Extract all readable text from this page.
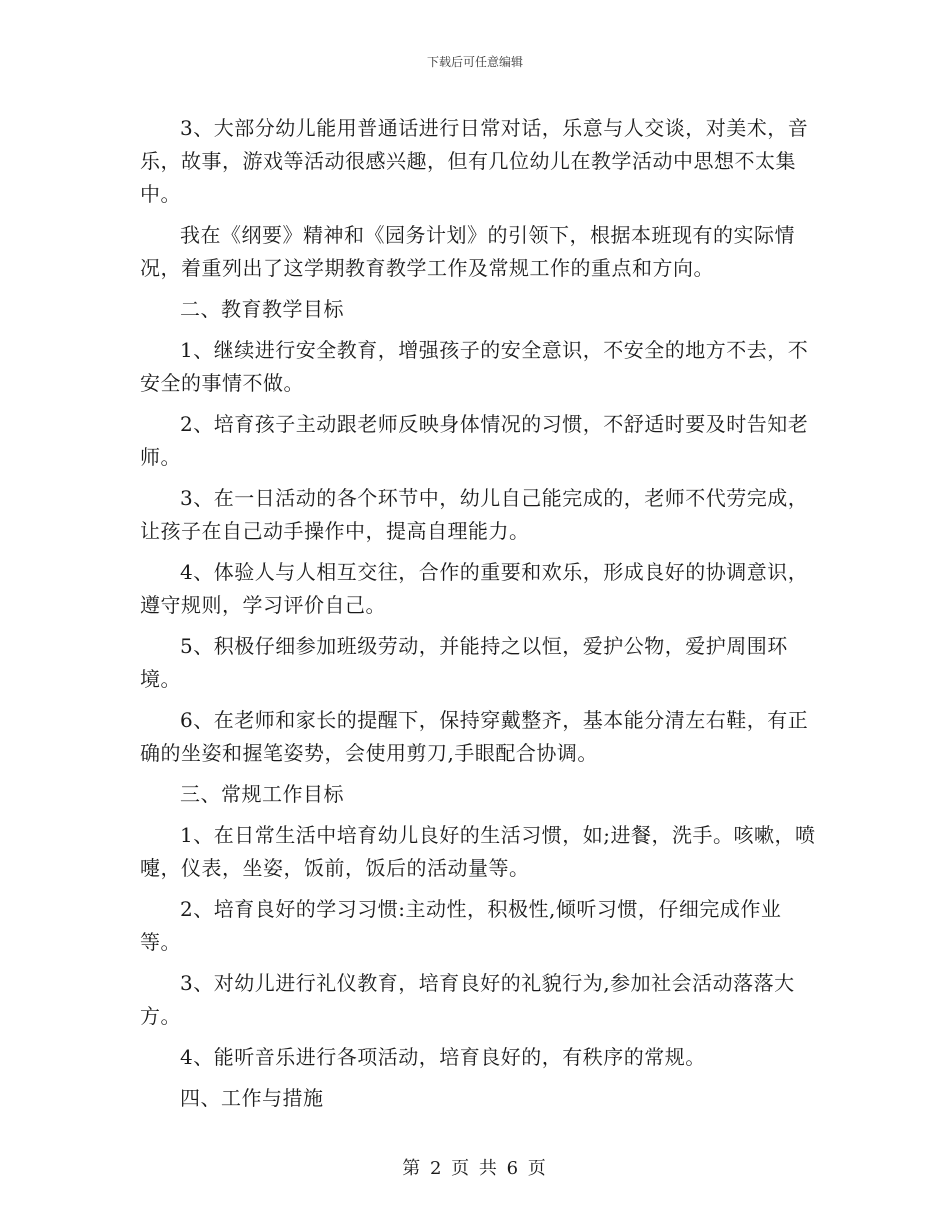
下载后可任意编辑

3、大部分幼儿能用普通话进行日常对话，乐意与人交谈，对美术，音乐，故事，游戏等活动很感兴趣，但有几位幼儿在教学活动中思想不太集中。

我在《纲要》精神和《园务计划》的引领下，根据本班现有的实际情况，着重列出了这学期教育教学工作及常规工作的重点和方向。

二、教育教学目标

1、继续进行安全教育，增强孩子的安全意识，不安全的地方不去，不安全的事情不做。

2、培育孩子主动跟老师反映身体情况的习惯，不舒适时要及时告知老师。

3、在一日活动的各个环节中，幼儿自己能完成的，老师不代劳完成，让孩子在自己动手操作中，提高自理能力。

4、体验人与人相互交往，合作的重要和欢乐，形成良好的协调意识，遵守规则，学习评价自己。

5、积极仔细参加班级劳动，并能持之以恒，爱护公物，爱护周围环境。

6、在老师和家长的提醒下，保持穿戴整齐，基本能分清左右鞋，有正确的坐姿和握笔姿势，会使用剪刀,手眼配合协调。

三、常规工作目标

1、在日常生活中培育幼儿良好的生活习惯，如;进餐，洗手。咳嗽，喷嚏，仪表，坐姿，饭前，饭后的活动量等。

2、培育良好的学习习惯:主动性，积极性,倾听习惯，仔细完成作业等。

3、对幼儿进行礼仪教育，培育良好的礼貌行为,参加社会活动落落大方。

4、能听音乐进行各项活动，培育良好的，有秩序的常规。

四、工作与措施

第 2 页 共 6 页
